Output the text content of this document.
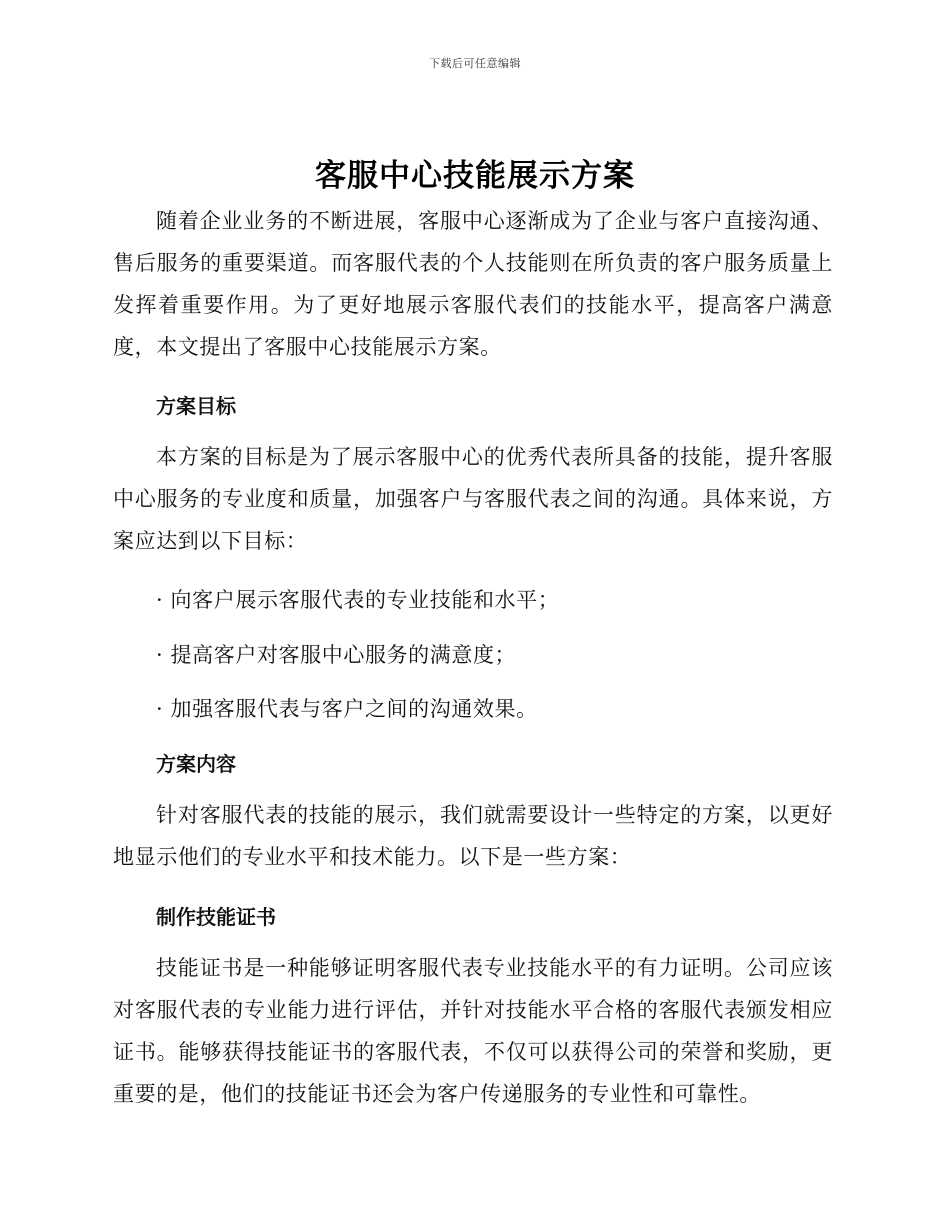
下载后可任意编辑
客服中心技能展示方案

随着企业业务的不断进展，客服中心逐渐成为了企业与客户直接沟通、售后服务的重要渠道。而客服代表的个人技能则在所负责的客户服务质量上发挥着重要作用。为了更好地展示客服代表们的技能水平，提高客户满意度，本文提出了客服中心技能展示方案。

方案目标

本方案的目标是为了展示客服中心的优秀代表所具备的技能，提升客服中心服务的专业度和质量，加强客户与客服代表之间的沟通。具体来说，方案应达到以下目标：

· 向客户展示客服代表的专业技能和水平；
· 提高客户对客服中心服务的满意度；
· 加强客服代表与客户之间的沟通效果。
方案内容

针对客服代表的技能的展示，我们就需要设计一些特定的方案，以更好地显示他们的专业水平和技术能力。以下是一些方案：

制作技能证书

技能证书是一种能够证明客服代表专业技能水平的有力证明。公司应该对客服代表的专业能力进行评估，并针对技能水平合格的客服代表颁发相应证书。能够获得技能证书的客服代表，不仅可以获得公司的荣誉和奖励，更重要的是，他们的技能证书还会为客户传递服务的专业性和可靠性。
